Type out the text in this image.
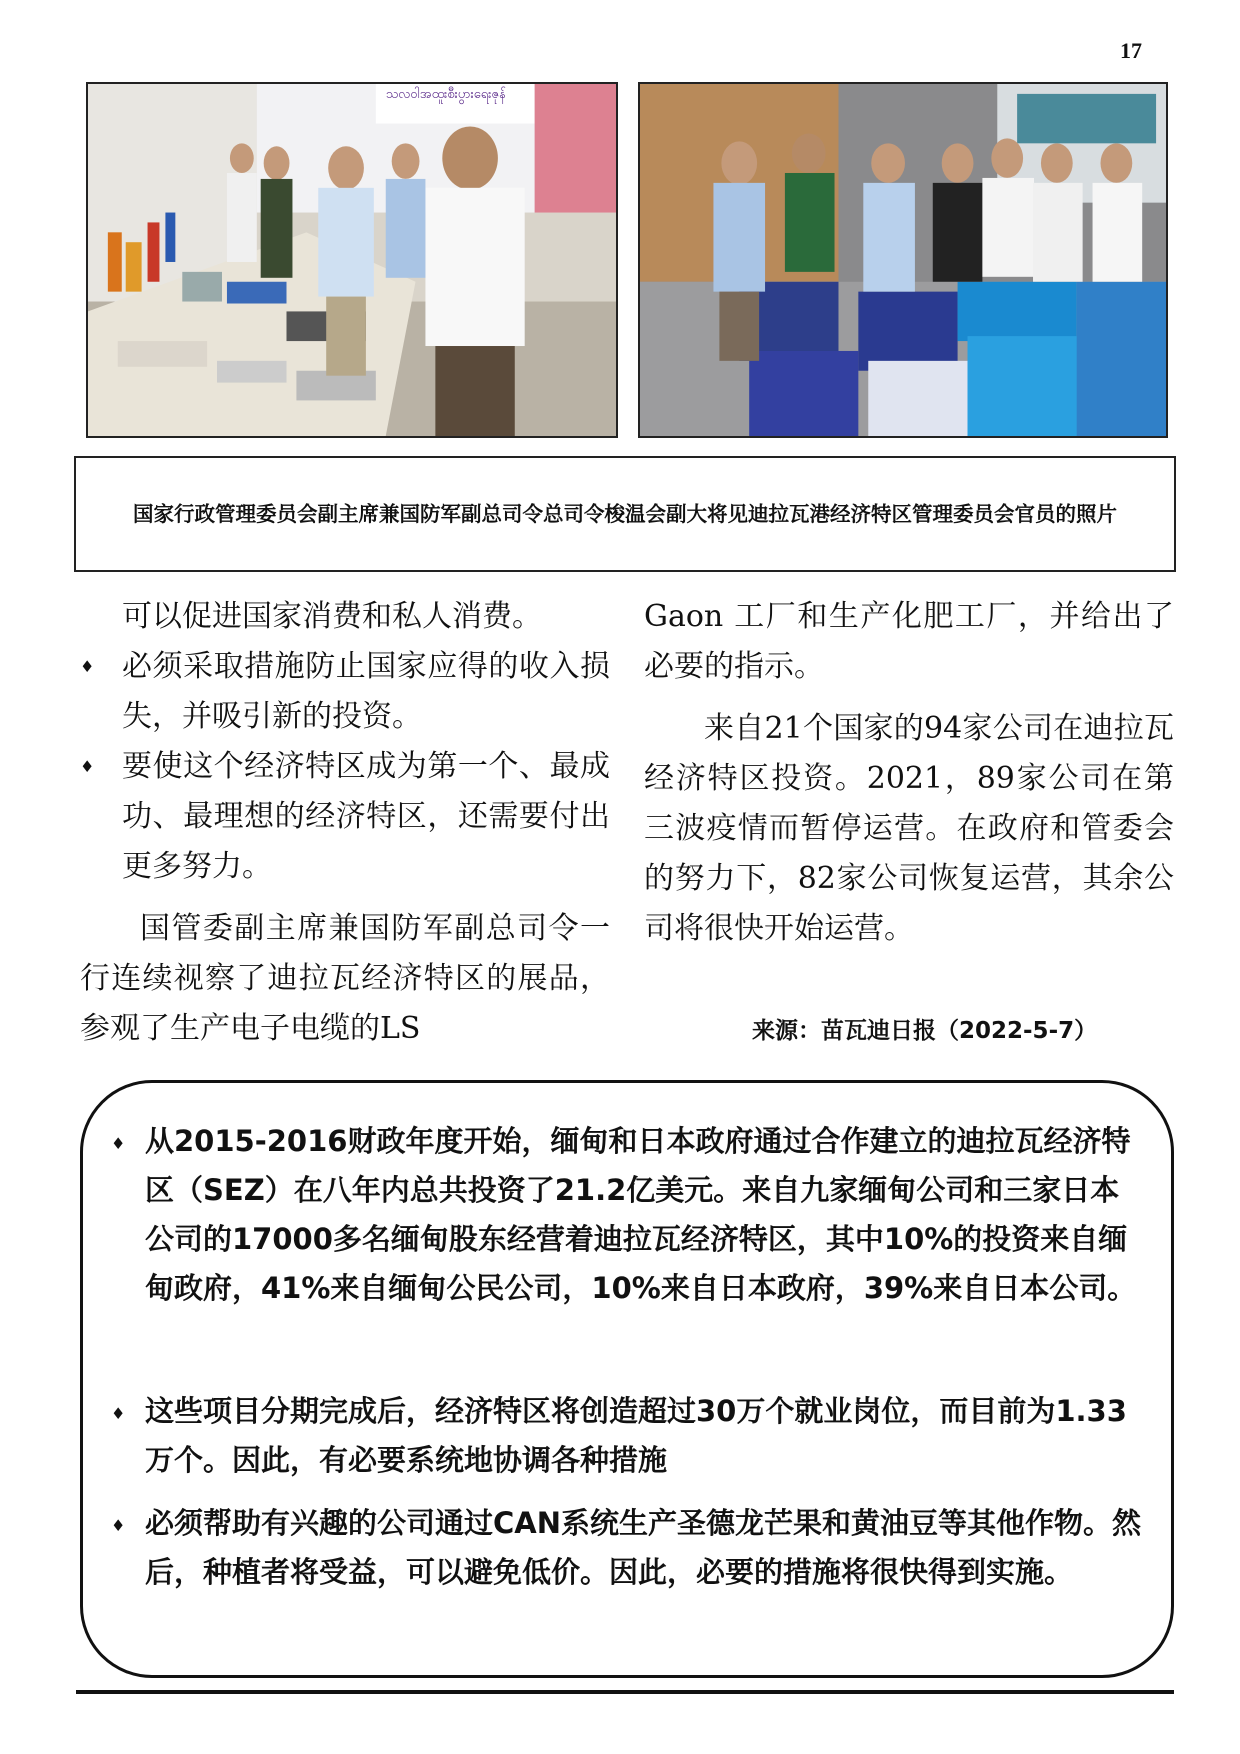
17
သလ၀ါအထူးစီးပွားရေးဇုန်
国家行政管理委员会副主席兼国防军副总司令总司令梭温会副大将见迪拉瓦港经济特区管理委员会官员的照片

可以促进国家消费和私人消费。

♦ 必须采取措施防止国家应得的收入损失，并吸引新的投资。

♦ 要使这个经济特区成为第一个、最成功、最理想的经济特区，还需要付出更多努力。

国管委副主席兼国防军副总司令一行连续视察了迪拉瓦经济特区的展品，参观了生产电子电缆的LS

Gaon 工厂和生产化肥工厂，并给出了必要的指示。

来自21个国家的94家公司在迪拉瓦经济特区投资。2021，89家公司在第三波疫情而暂停运营。在政府和管委会的努力下，82家公司恢复运营，其余公司将很快开始运营。

来源：苗瓦迪日报（2022-5-7）
♦ 从2015-2016财政年度开始，缅甸和日本政府通过合作建立的迪拉瓦经济特区（SEZ）在八年内总共投资了21.2亿美元。来自九家缅甸公司和三家日本公司的17000多名缅甸股东经营着迪拉瓦经济特区，其中10%的投资来自缅甸政府，41%来自缅甸公民公司，10%来自日本政府，39%来自日本公司。
♦ 这些项目分期完成后，经济特区将创造超过30万个就业岗位，而目前为1.33万个。因此，有必要系统地协调各种措施
♦ 必须帮助有兴趣的公司通过CAN系统生产圣德龙芒果和黄油豆等其他作物。然后，种植者将受益，可以避免低价。因此，必要的措施将很快得到实施。
